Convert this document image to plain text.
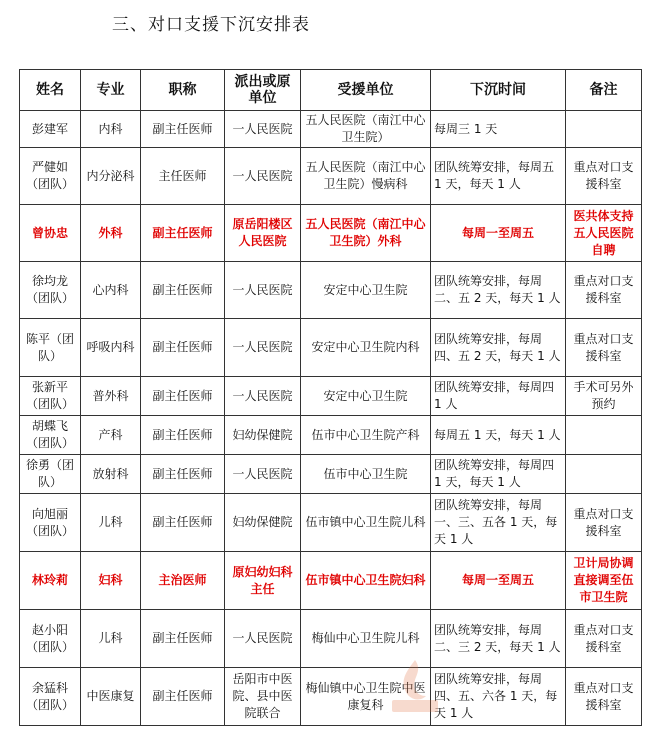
三、对口支援下沉安排表
姓名	专业	职称	派出或原单位	受援单位	下沉时间	备注
彭建军	内科	副主任医师	一人民医院	五人民医院（南江中心卫生院）	每周三 1 天	
严健如（团队）	内分泌科	主任医师	一人民医院	五人民医院（南江中心卫生院）慢病科	团队统筹安排，每周五 1 天，每天 1 人	重点对口支援科室
曾协忠	外科	副主任医师	原岳阳楼区人民医院	五人民医院（南江中心卫生院）外科	每周一至周五	医共体支持五人民医院自聘
徐均龙（团队）	心内科	副主任医师	一人民医院	安定中心卫生院	团队统筹安排，每周二、五 2 天，每天 1 人	重点对口支援科室
陈平（团队）	呼吸内科	副主任医师	一人民医院	安定中心卫生院内科	团队统筹安排，每周四、五 2 天，每天 1 人	重点对口支援科室
张新平（团队）	普外科	副主任医师	一人民医院	安定中心卫生院	团队统筹安排，每周四 1 人	手术可另外预约
胡蝶飞（团队）	产科	副主任医师	妇幼保健院	伍市中心卫生院产科	每周五 1 天，每天 1 人	
徐勇（团队）	放射科	副主任医师	一人民医院	伍市中心卫生院	团队统筹安排，每周四 1 天，每天 1 人	
向旭丽（团队）	儿科	副主任医师	妇幼保健院	伍市镇中心卫生院儿科	团队统筹安排，每周一、三、五各 1 天，每天 1 人	重点对口支援科室
林玲莉	妇科	主治医师	原妇幼妇科主任	伍市镇中心卫生院妇科	每周一至周五	卫计局协调直接调至伍市卫生院
赵小阳（团队）	儿科	副主任医师	一人民医院	梅仙中心卫生院儿科	团队统筹安排，每周二、三 2 天，每天 1 人	重点对口支援科室
余猛科（团队）	中医康复	副主任医师	岳阳市中医院、县中医院联合	梅仙镇中心卫生院中医康复科	团队统筹安排，每周四、五、六各 1 天，每天 1 人	重点对口支援科室
